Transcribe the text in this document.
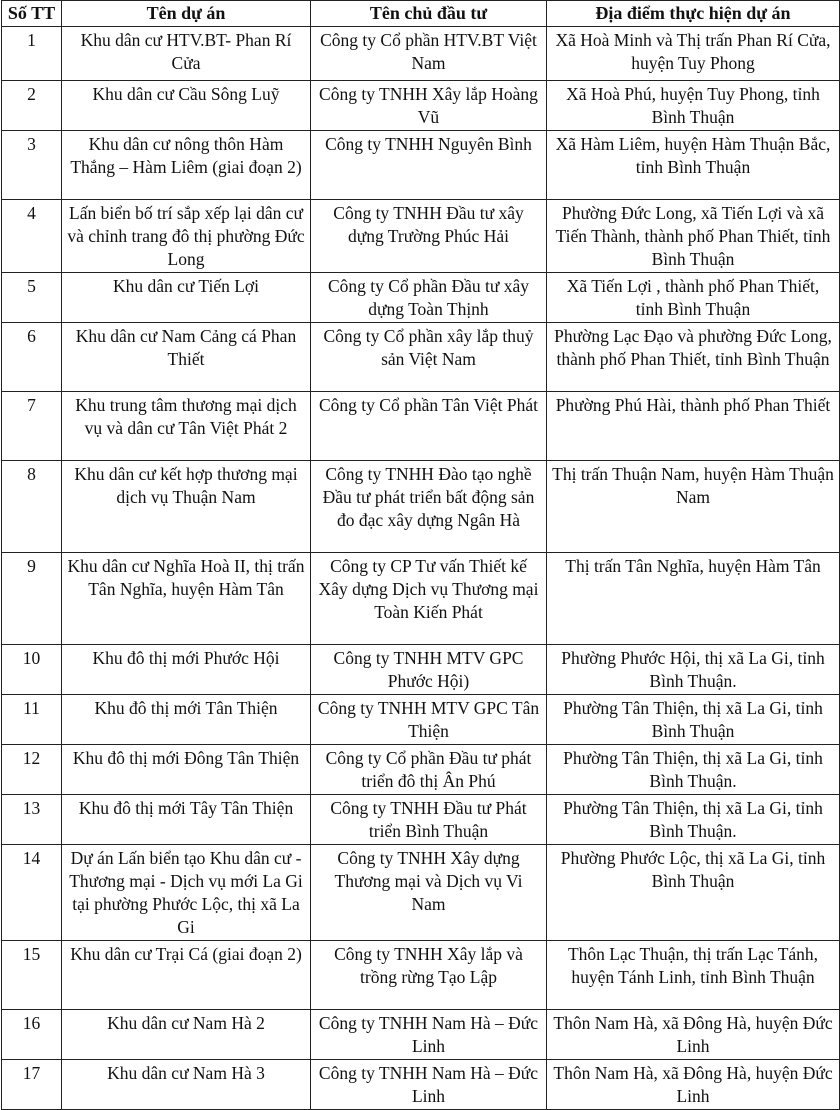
Số TT	Tên dự án	Tên chủ đầu tư	Địa điểm thực hiện dự án
1	Khu dân cư HTV.BT- Phan Rí Cửa	Công ty Cổ phần HTV.BT Việt Nam	Xã Hoà Minh và Thị trấn Phan Rí Cửa, huyện Tuy Phong
2	Khu dân cư Cầu Sông Luỹ	Công ty TNHH Xây lắp Hoàng Vũ	Xã Hoà Phú, huyện Tuy Phong, tỉnh Bình Thuận
3	Khu dân cư nông thôn Hàm Thắng – Hàm Liêm (giai đoạn 2)	Công ty TNHH Nguyên Bình	Xã Hàm Liêm, huyện Hàm Thuận Bắc, tỉnh Bình Thuận
4	Lấn biển bố trí sắp xếp lại dân cư và chỉnh trang đô thị phường Đức Long	Công ty TNHH Đầu tư xây dựng Trường Phúc Hải	Phường Đức Long, xã Tiến Lợi và xã Tiến Thành, thành phố Phan Thiết, tỉnh Bình Thuận
5	Khu dân cư Tiến Lợi	Công ty Cổ phần Đầu tư xây dựng Toàn Thịnh	Xã Tiến Lợi , thành phố Phan Thiết, tỉnh Bình Thuận
6	Khu dân cư Nam Cảng cá Phan Thiết	Công ty Cổ phần xây lắp thuỷ sản Việt Nam	Phường Lạc Đạo và phường Đức Long, thành phố Phan Thiết, tỉnh Bình Thuận
7	Khu trung tâm thương mại dịch vụ và dân cư Tân Việt Phát 2	Công ty Cổ phần Tân Việt Phát	Phường Phú Hài, thành phố Phan Thiết
8	Khu dân cư kết hợp thương mại dịch vụ Thuận Nam	Công ty TNHH Đào tạo nghề Đầu tư phát triển bất động sản đo đạc xây dựng Ngân Hà	Thị trấn Thuận Nam, huyện Hàm Thuận Nam
9	Khu dân cư Nghĩa Hoà II, thị trấn Tân Nghĩa, huyện Hàm Tân	Công ty CP Tư vấn Thiết kế Xây dựng Dịch vụ Thương mại Toàn Kiến Phát	Thị trấn Tân Nghĩa, huyện Hàm Tân
10	Khu đô thị mới Phước Hội	Công ty TNHH MTV GPC Phước Hội)	Phường Phước Hội, thị xã La Gi, tỉnh Bình Thuận.
11	Khu đô thị mới Tân Thiện	Công ty TNHH MTV GPC Tân Thiện	Phường Tân Thiện, thị xã La Gi, tỉnh Bình Thuận
12	Khu đô thị mới Đông Tân Thiện	Công ty Cổ phần Đầu tư phát triển đô thị Ân Phú	Phường Tân Thiện, thị xã La Gi, tỉnh Bình Thuận.
13	Khu đô thị mới Tây Tân Thiện	Công ty TNHH Đầu tư Phát triển Bình Thuận	Phường Tân Thiện, thị xã La Gi, tỉnh Bình Thuận.
14	Dự án Lấn biển tạo Khu dân cư - Thương mại - Dịch vụ mới La Gi tại phường Phước Lộc, thị xã La Gi	Công ty TNHH Xây dựng Thương mại và Dịch vụ Vi Nam	Phường Phước Lộc, thị xã La Gi, tỉnh Bình Thuận
15	Khu dân cư Trại Cá (giai đoạn 2)	Công ty TNHH Xây lắp và trồng rừng Tạo Lập	Thôn Lạc Thuận, thị trấn Lạc Tánh, huyện Tánh Linh, tỉnh Bình Thuận
16	Khu dân cư Nam Hà 2	Công ty TNHH Nam Hà – Đức Linh	Thôn Nam Hà, xã Đông Hà, huyện Đức Linh
17	Khu dân cư Nam Hà 3	Công ty TNHH Nam Hà – Đức Linh	Thôn Nam Hà, xã Đông Hà, huyện Đức Linh
